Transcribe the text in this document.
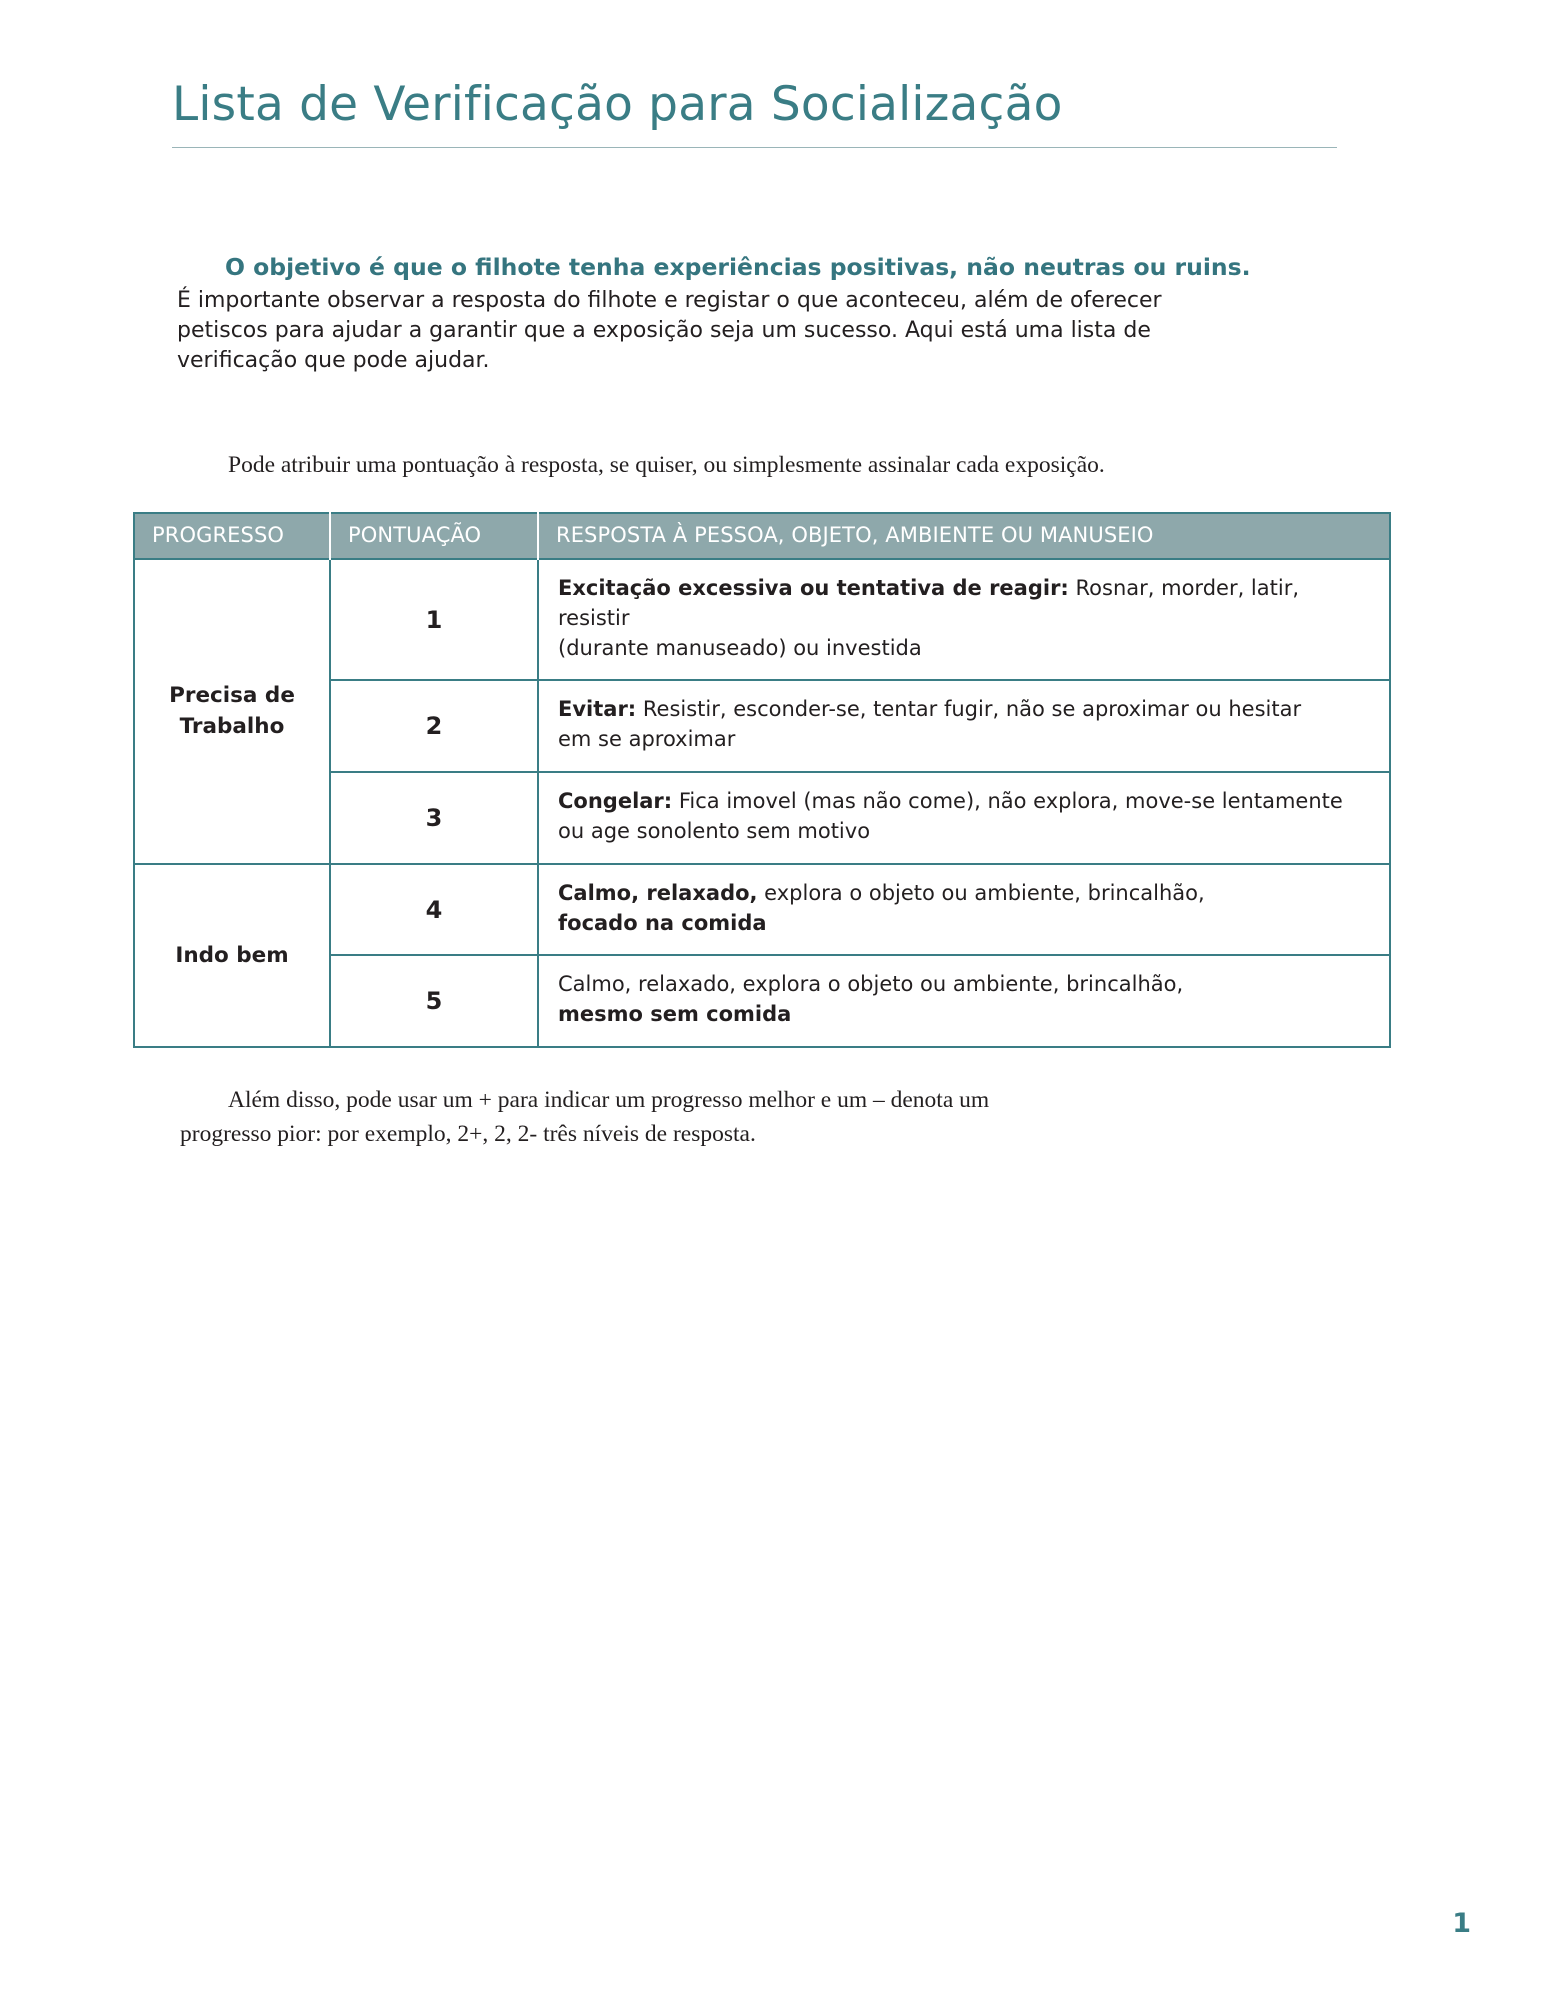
Lista de Verificação para Socialização

O objetivo é que o filhote tenha experiências positivas, não neutras ou ruins.

É importante observar a resposta do filhote e registar o que aconteceu, além de oferecer
petiscos para ajudar a garantir que a exposição seja um sucesso. Aqui está uma lista de
verificação que pode ajudar.

Pode atribuir uma pontuação à resposta, se quiser, ou simplesmente assinalar cada exposição.
PROGRESSO	PONTUAÇÃO	RESPOSTA À PESSOA, OBJETO, AMBIENTE OU MANUSEIO
Precisa de
Trabalho	1	Excitação excessiva ou tentativa de reagir: Rosnar, morder, latir, resistir
(durante manuseado) ou investida

	2	Evitar: Resistir, esconder-se, tentar fugir, não se aproximar ou hesitar
em se aproximar

	3	Congelar: Fica imovel (mas não come), não explora, move-se lentamente
ou age sonolento sem motivo

Indo bem	4	Calmo, relaxado, explora o objeto ou ambiente, brincalhão,
focado na comida

	5	Calmo, relaxado, explora o objeto ou ambiente, brincalhão,
mesmo sem comida
Além disso, pode usar um + para indicar um progresso melhor e um – denota um
progresso pior: por exemplo, 2+, 2, 2- três níveis de resposta.
1
